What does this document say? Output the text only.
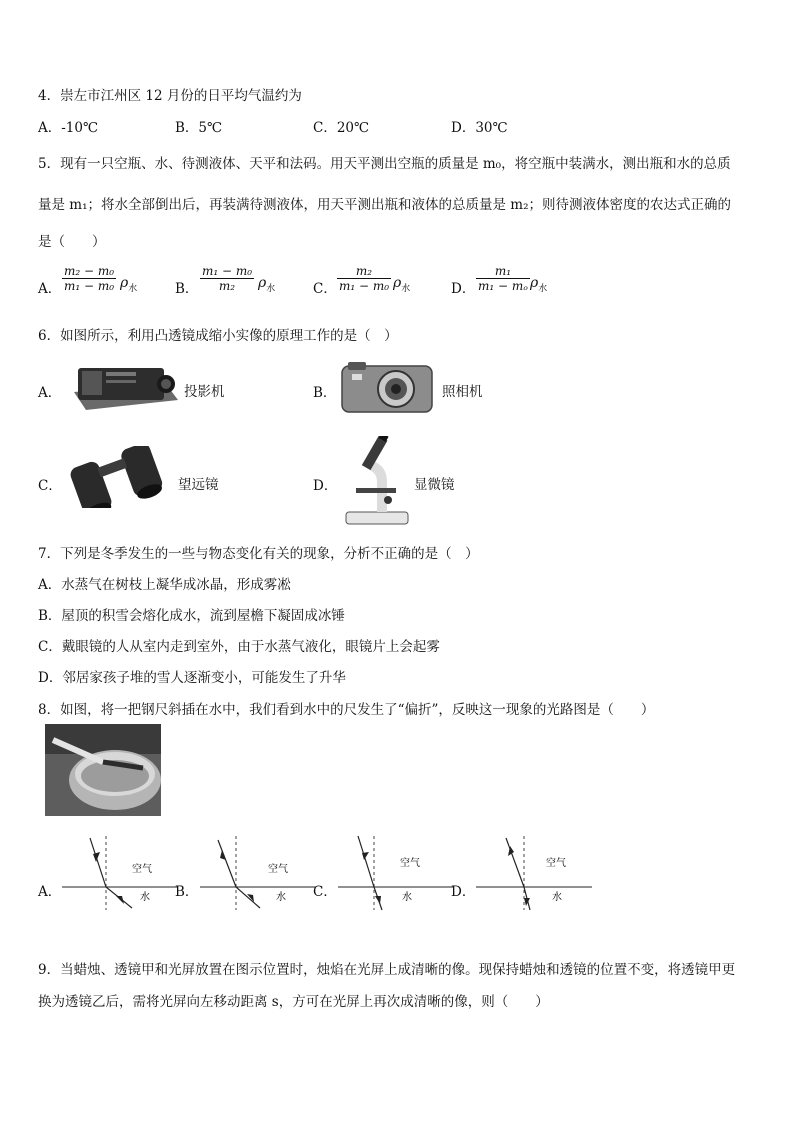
4．崇左市江州区 12 月份的日平均气温约为
A．-10℃	B．5℃	C．20℃	D．30℃
5．现有一只空瓶、水、待测液体、天平和法码。用天平测出空瓶的质量是 m₀，将空瓶中装满水，测出瓶和水的总质
量是 m₁；将水全部倒出后，再装满待测液体，用天平测出瓶和液体的总质量是 m₂；则待测液体密度的农达式正确的
是（　　）
A． $\frac{\text{m₂ − m₀}}{\text{m₁ − m₀}} \rho_水$	B． $\frac{\text{m₁ − m₀}}{\text{m₂}} \rho_水$	C． $\frac{\text{m₂}}{\text{m₁ − m₀}} \rho_水$	D． $\frac{\text{m₁}}{\text{m₁ − mₒ}} \rho_水$
6．如图所示，利用凸透镜成缩小实像的原理工作的是（　）
A．	投影机	B．	照相机
C．	望远镜	D．	显微镜
7．下列是冬季发生的一些与物态变化有关的现象，分析不正确的是（　）
A．水蒸气在树枝上凝华成冰晶，形成雾凇
B．屋顶的积雪会熔化成水，流到屋檐下凝固成冰锤
C．戴眼镜的人从室内走到室外，由于水蒸气液化，眼镜片上会起雾
D．邻居家孩子堆的雪人逐渐变小，可能发生了升华
8．如图，将一把钢尺斜插在水中，我们看到水中的尺发生了“偏折”，反映这一现象的光路图是（　　）
A．
空气
水 B．
空气
水 C．
空气
水	D．
空气
水
9．当蜡烛、透镜甲和光屏放置在图示位置时，烛焰在光屏上成清晰的像。现保持蜡烛和透镜的位置不变，将透镜甲更
换为透镜乙后，需将光屏向左移动距离 s，方可在光屏上再次成清晰的像，则（　　）
